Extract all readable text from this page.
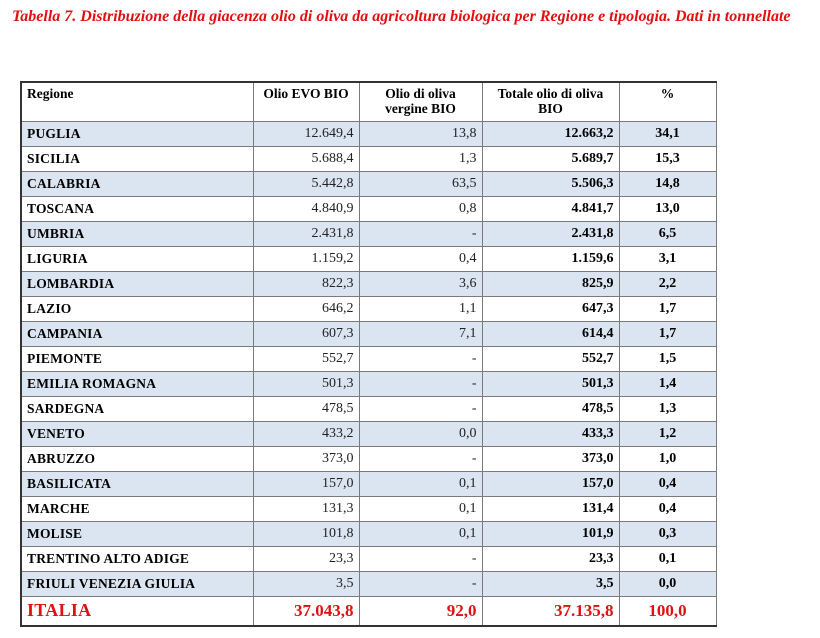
Tabella 7. Distribuzione della giacenza olio di oliva da agricoltura biologica per Regione e tipologia. Dati in tonnellate

Regione	Olio EVO BIO	Olio di oliva vergine BIO	Totale olio di oliva BIO	%
PUGLIA	12.649,4	13,8	12.663,2	34,1
SICILIA	5.688,4	1,3	5.689,7	15,3
CALABRIA	5.442,8	63,5	5.506,3	14,8
TOSCANA	4.840,9	0,8	4.841,7	13,0
UMBRIA	2.431,8	-	2.431,8	6,5
LIGURIA	1.159,2	0,4	1.159,6	3,1
LOMBARDIA	822,3	3,6	825,9	2,2
LAZIO	646,2	1,1	647,3	1,7
CAMPANIA	607,3	7,1	614,4	1,7
PIEMONTE	552,7	-	552,7	1,5
EMILIA ROMAGNA	501,3	-	501,3	1,4
SARDEGNA	478,5	-	478,5	1,3
VENETO	433,2	0,0	433,3	1,2
ABRUZZO	373,0	-	373,0	1,0
BASILICATA	157,0	0,1	157,0	0,4
MARCHE	131,3	0,1	131,4	0,4
MOLISE	101,8	0,1	101,9	0,3
TRENTINO ALTO ADIGE	23,3	-	23,3	0,1
FRIULI VENEZIA GIULIA	3,5	-	3,5	0,0
ITALIA	37.043,8	92,0	37.135,8	100,0
